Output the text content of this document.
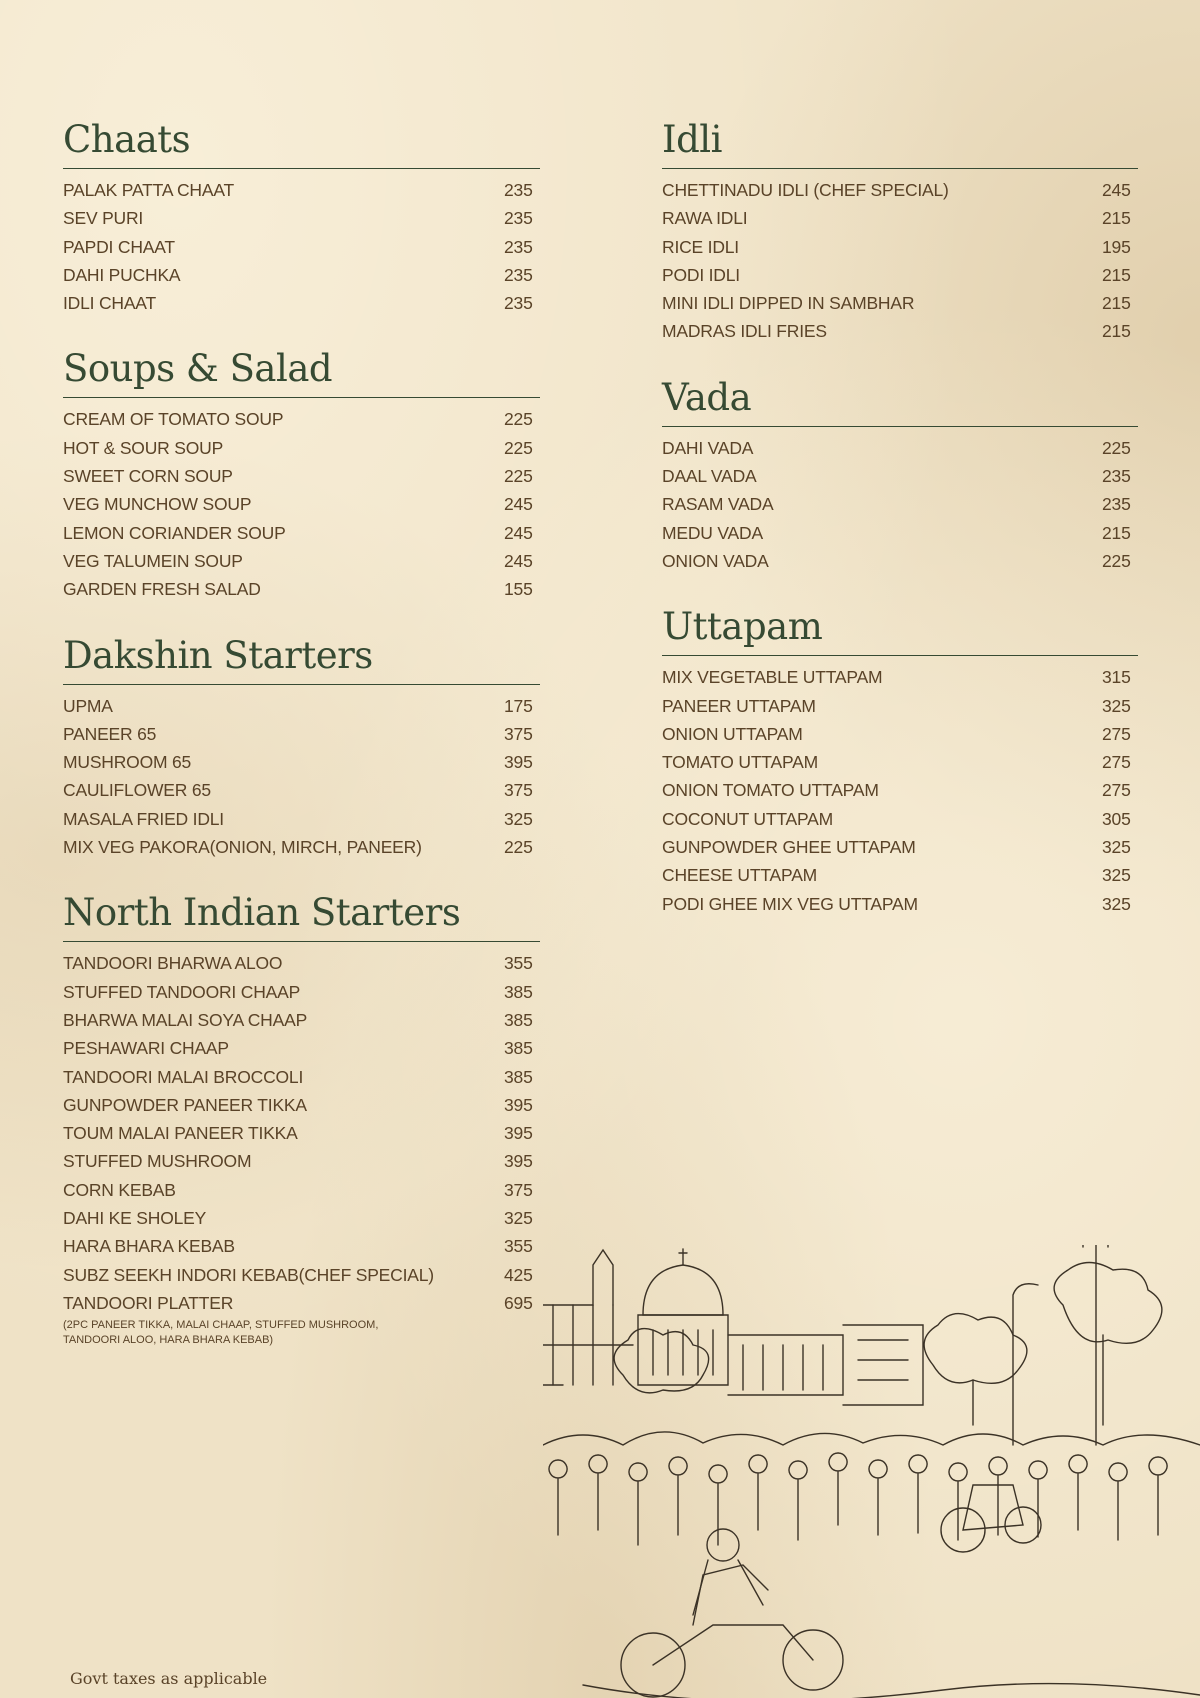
Chaats
PALAK PATTA CHAAT	235
SEV PURI	235
PAPDI CHAAT	235
DAHI PUCHKA	235
IDLI CHAAT	235
Soups & Salad
CREAM OF TOMATO SOUP	225
HOT & SOUR SOUP	225
SWEET CORN SOUP	225
VEG MUNCHOW SOUP	245
LEMON CORIANDER SOUP	245
VEG TALUMEIN SOUP	245
GARDEN FRESH SALAD	155
Dakshin Starters
UPMA	175
PANEER 65	375
MUSHROOM 65	395
CAULIFLOWER 65	375
MASALA FRIED IDLI	325
MIX VEG PAKORA(ONION, MIRCH, PANEER)	225
North Indian Starters
TANDOORI BHARWA ALOO	355
STUFFED TANDOORI CHAAP	385
BHARWA MALAI SOYA CHAAP	385
PESHAWARI CHAAP	385
TANDOORI MALAI BROCCOLI	385
GUNPOWDER PANEER TIKKA	395
TOUM MALAI PANEER TIKKA	395
STUFFED MUSHROOM	395
CORN KEBAB	375
DAHI KE SHOLEY	325
HARA BHARA KEBAB	355
SUBZ SEEKH INDORI KEBAB(CHEF SPECIAL)	425
TANDOORI PLATTER	695
(2PC PANEER TIKKA, MALAI CHAAP, STUFFED MUSHROOM, TANDOORI ALOO, HARA BHARA KEBAB)
Idli
CHETTINADU IDLI (CHEF SPECIAL)	245
RAWA IDLI	215
RICE IDLI	195
PODI IDLI	215
MINI IDLI DIPPED IN SAMBHAR	215
MADRAS IDLI FRIES	215
Vada
DAHI VADA	225
DAAL VADA	235
RASAM VADA	235
MEDU VADA	215
ONION VADA	225
Uttapam
MIX VEGETABLE UTTAPAM	315
PANEER UTTAPAM	325
ONION UTTAPAM	275
TOMATO UTTAPAM	275
ONION TOMATO UTTAPAM	275
COCONUT UTTAPAM	305
GUNPOWDER GHEE UTTAPAM	325
CHEESE UTTAPAM	325
PODI GHEE MIX VEG UTTAPAM	325
Govt taxes as applicable
